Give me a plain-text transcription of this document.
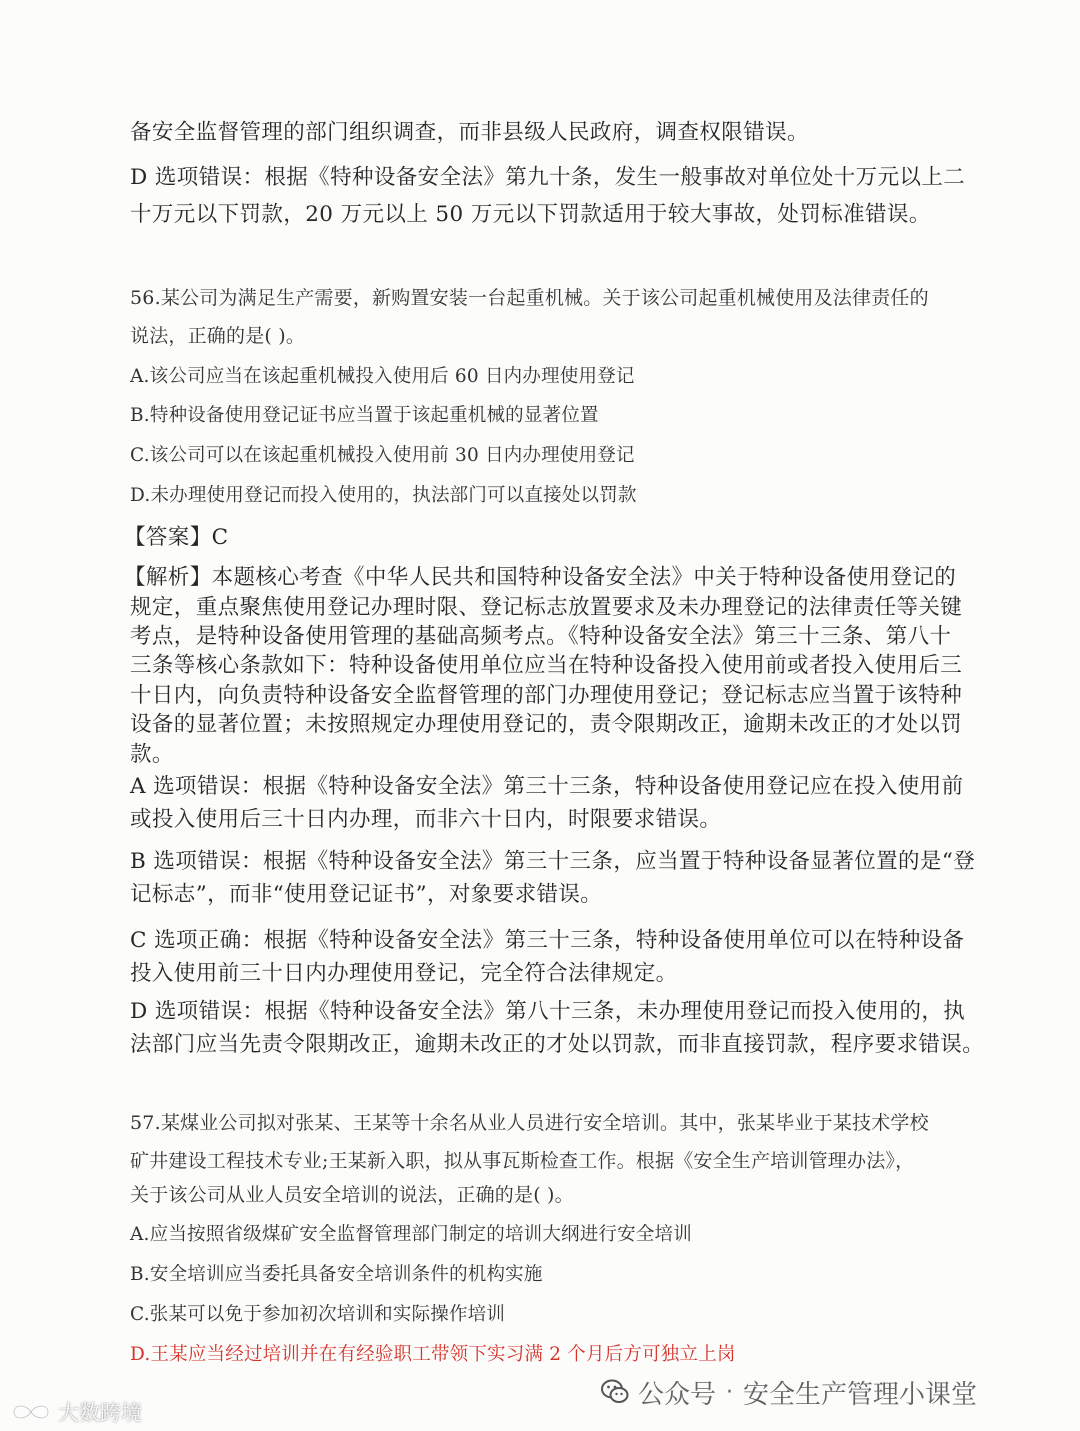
备安全监督管理的部门组织调查，而非县级人民政府，调查权限错误。
D 选项错误：根据《特种设备安全法》第九十条，发生一般事故对单位处十万元以上二
十万元以下罚款，20 万元以上 50 万元以下罚款适用于较大事故，处罚标准错误。
56.某公司为满足生产需要，新购置安装一台起重机械。关于该公司起重机械使用及法律责任的
说法，正确的是( )。
A.该公司应当在该起重机械投入使用后 60 日内办理使用登记
B.特种设备使用登记证书应当置于该起重机械的显著位置
C.该公司可以在该起重机械投入使用前 30 日内办理使用登记
D.未办理使用登记而投入使用的，执法部门可以直接处以罚款
【答案】C
【解析】本题核心考查《中华人民共和国特种设备安全法》中关于特种设备使用登记的
规定，重点聚焦使用登记办理时限、登记标志放置要求及未办理登记的法律责任等关键
考点，是特种设备使用管理的基础高频考点。《特种设备安全法》第三十三条、第八十
三条等核心条款如下：特种设备使用单位应当在特种设备投入使用前或者投入使用后三
十日内，向负责特种设备安全监督管理的部门办理使用登记；登记标志应当置于该特种
设备的显著位置；未按照规定办理使用登记的，责令限期改正，逾期未改正的才处以罚
款。
A 选项错误：根据《特种设备安全法》第三十三条，特种设备使用登记应在投入使用前
或投入使用后三十日内办理，而非六十日内，时限要求错误。
B 选项错误：根据《特种设备安全法》第三十三条，应当置于特种设备显著位置的是“登
记标志”，而非“使用登记证书”，对象要求错误。
C 选项正确：根据《特种设备安全法》第三十三条，特种设备使用单位可以在特种设备
投入使用前三十日内办理使用登记，完全符合法律规定。
D 选项错误：根据《特种设备安全法》第八十三条，未办理使用登记而投入使用的，执
法部门应当先责令限期改正，逾期未改正的才处以罚款，而非直接罚款，程序要求错误。
57.某煤业公司拟对张某、王某等十余名从业人员进行安全培训。其中，张某毕业于某技术学校
矿井建设工程技术专业;王某新入职，拟从事瓦斯检查工作。根据《安全生产培训管理办法》，
关于该公司从业人员安全培训的说法，正确的是( )。
A.应当按照省级煤矿安全监督管理部门制定的培训大纲进行安全培训
B.安全培训应当委托具备安全培训条件的机构实施
C.张某可以免于参加初次培训和实际操作培训
D.王某应当经过培训并在有经验职工带领下实习满 2 个月后方可独立上岗
公众号 · 安全生产管理小课堂
大数跨境
